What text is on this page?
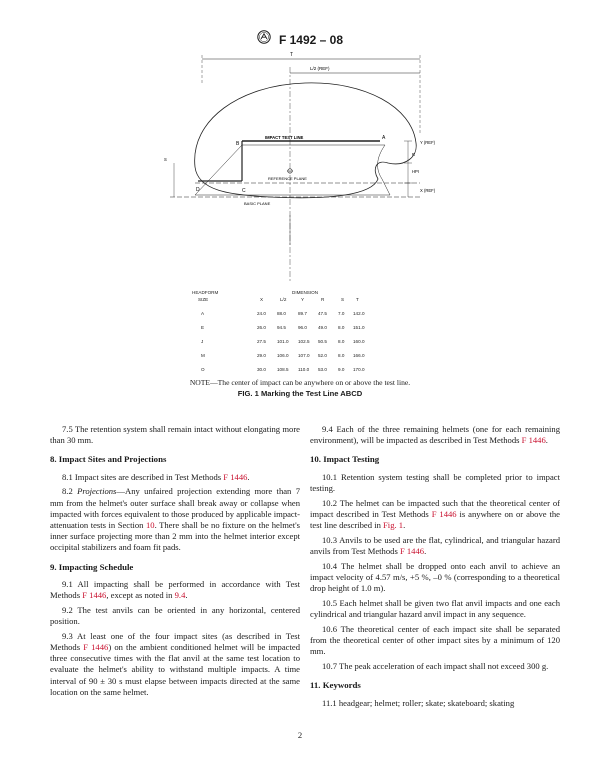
F 1492 – 08
T
L/2 (REF)
IMPACT TEST LINE	A
B
D	C
REFERENCE PLANE
BASIC PLANE
Y (REF)
R
HPI
X (REF)
S
HEADFORM
SIZE
DIMENSION
X	L/2	Y	R	S	T
A	24.0 88.0	89.7 47.5 7.0 142.0
E	26.0 94.5	96.0 49.0 8.0 151.0
J	27.5 101.0 102.5 50.5 8.0 160.0
M	29.0 106.0 107.0 52.0 8.0 166.0
O	30.0 108.5 110.0 53.0 9.0 170.0
NOTE—The center of impact can be anywhere on or above the test line.
FIG. 1 Marking the Test Line ABCD

7.5 The retention system shall remain intact without elongating more than 30 mm.

8. Impact Sites and Projections

8.1 Impact sites are described in Test Methods F 1446.

8.2 Projections—Any unfaired projection extending more than 7 mm from the helmet's outer surface shall break away or collapse when impacted with forces equivalent to those produced by applicable impact-attenuation tests in Section 10. There shall be no fixture on the helmet's inner surface projecting more than 2 mm into the helmet interior except occipital stabilizers and foam fit pads.

9. Impacting Schedule

9.1 All impacting shall be performed in accordance with Test Methods F 1446, except as noted in 9.4.

9.2 The test anvils can be oriented in any horizontal, centered position.

9.3 At least one of the four impact sites (as described in Test Methods F 1446) on the ambient conditioned helmet will be impacted three consecutive times with the flat anvil at the same test location to evaluate the helmet's ability to withstand multiple impacts. A time interval of 90 ± 30 s must elapse between impacts directed at the same location on the same helmet.

9.4 Each of the three remaining helmets (one for each remaining environment), will be impacted as described in Test Methods F 1446.

10. Impact Testing

10.1 Retention system testing shall be completed prior to impact testing.

10.2 The helmet can be impacted such that the theoretical center of impact described in Test Methods F 1446 is anywhere on or above the test line described in Fig. 1.

10.3 Anvils to be used are the flat, cylindrical, and triangular hazard anvils from Test Methods F 1446.

10.4 The helmet shall be dropped onto each anvil to achieve an impact velocity of 4.57 m/s, +5 %, –0 % (corresponding to a theoretical drop height of 1.0 m).

10.5 Each helmet shall be given two flat anvil impacts and one each cylindrical and triangular hazard anvil impact in any sequence.

10.6 The theoretical center of each impact site shall be separated from the theoretical center of other impact sites by a minimum of 120 mm.

10.7 The peak acceleration of each impact shall not exceed 300 g.

11. Keywords

11.1 headgear; helmet; roller; skate; skateboard; skating

2
